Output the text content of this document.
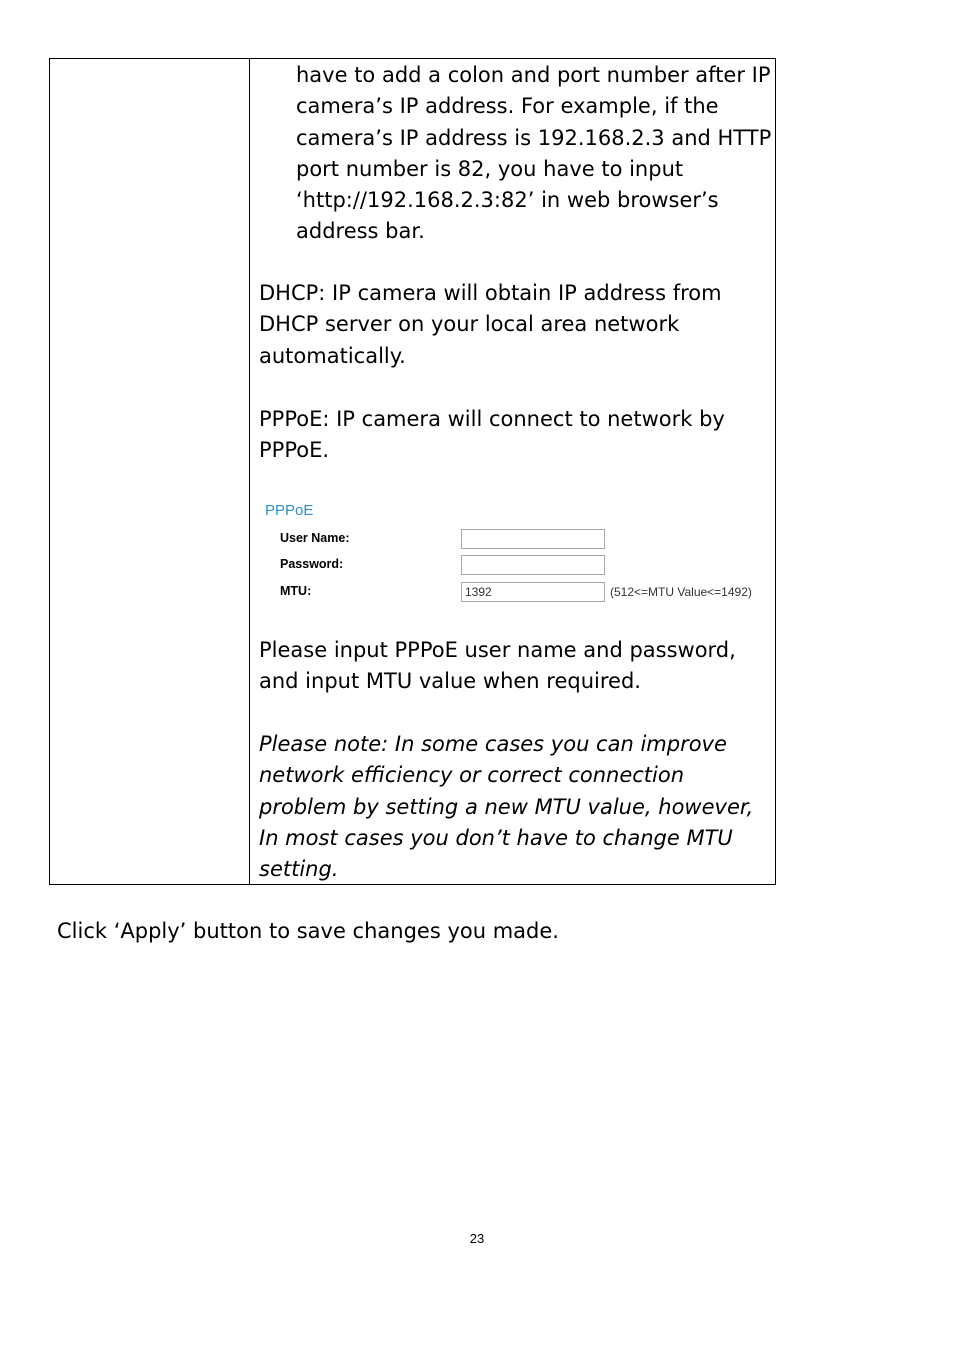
have to add a colon and port number after IP
camera’s IP address. For example, if the
camera’s IP address is 192.168.2.3 and HTTP
port number is 82, you have to input
‘http://192.168.2.3:82’ in web browser’s
address bar.
DHCP: IP camera will obtain IP address from
DHCP server on your local area network
automatically.
PPPoE: IP camera will connect to network by
PPPoE.
PPPoE
User Name:
Password:
MTU:
1392	(512<=MTU Value<=1492)
Please input PPPoE user name and password,
and input MTU value when required.
Please note: In some cases you can improve
network efficiency or correct connection
problem by setting a new MTU value, however,
In most cases you don’t have to change MTU
setting.
Click ‘Apply’ button to save changes you made.
23
